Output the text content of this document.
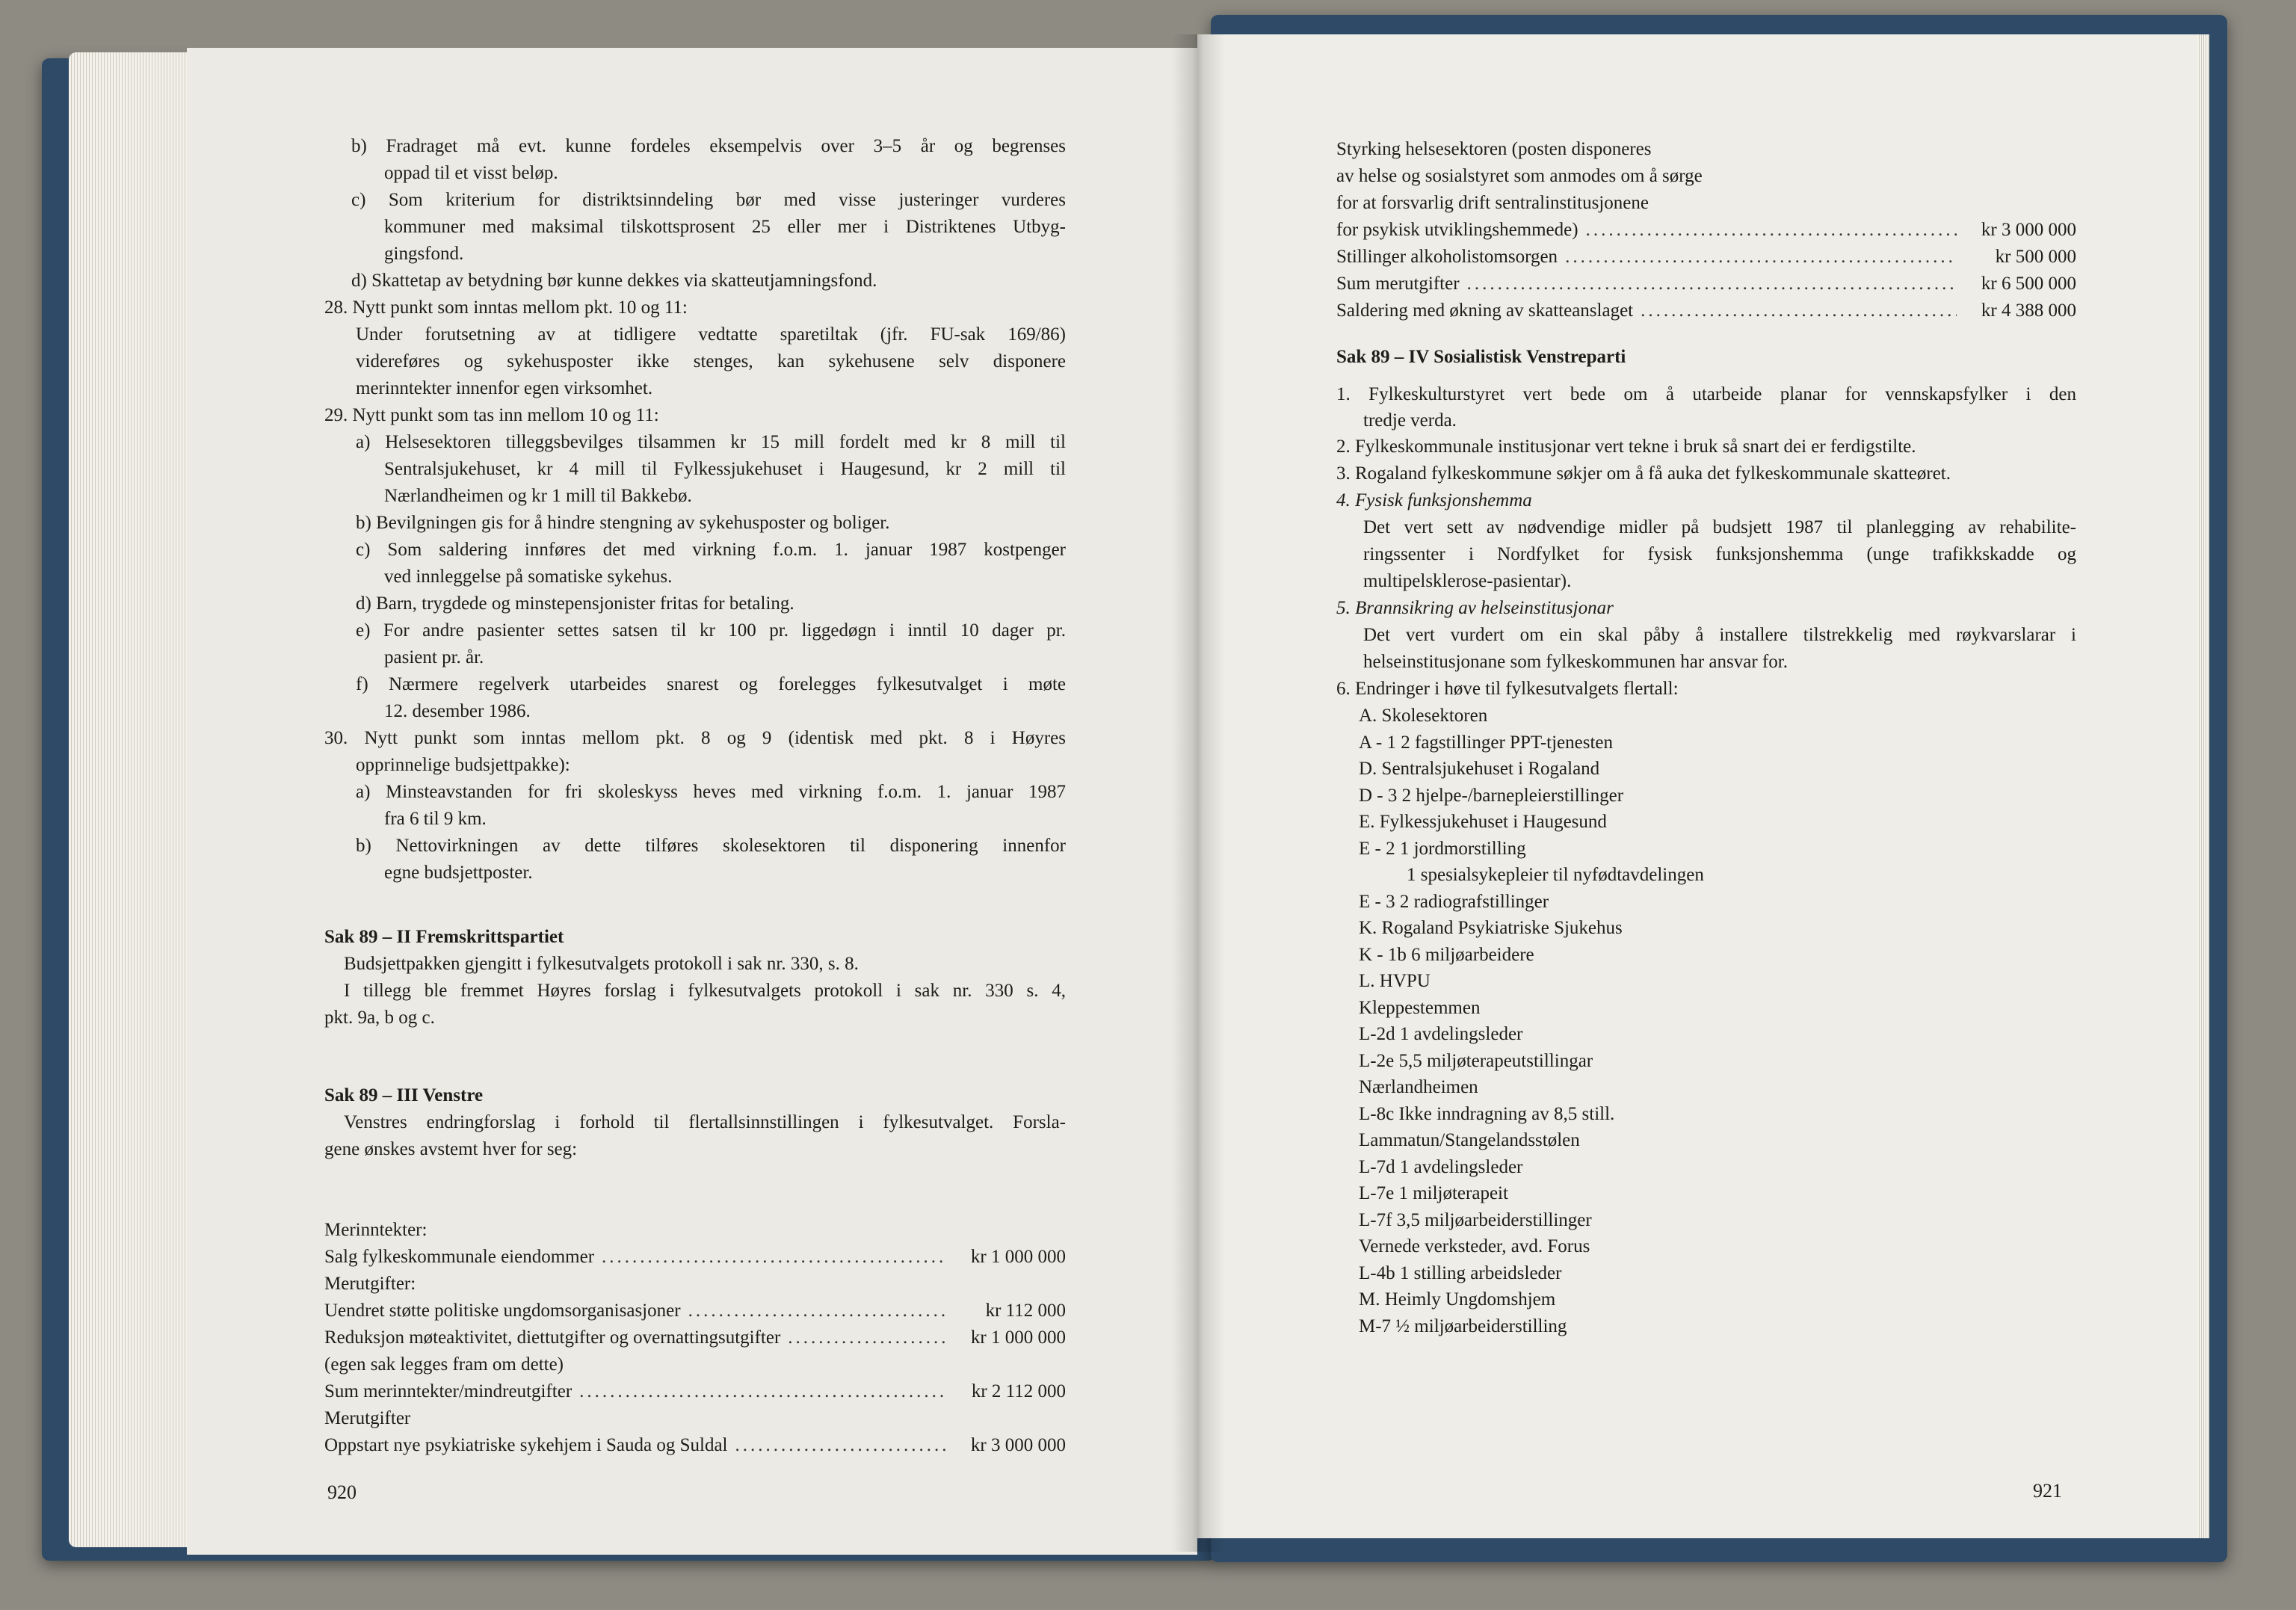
b) Fradraget må evt. kunne fordeles eksempelvis over 3–5 år og begrenses
oppad til et visst beløp.
c) Som kriterium for distriktsinndeling bør med visse justeringer vurderes
kommuner med maksimal tilskottsprosent 25 eller mer i Distriktenes Utbyg-
gingsfond.
d) Skattetap av betydning bør kunne dekkes via skatteutjamningsfond.
28. Nytt punkt som inntas mellom pkt. 10 og 11:
Under forutsetning av at tidligere vedtatte sparetiltak (jfr. FU-sak 169/86)
videreføres og sykehusposter ikke stenges, kan sykehusene selv disponere
merinntekter innenfor egen virksomhet.
29. Nytt punkt som tas inn mellom 10 og 11:
a) Helsesektoren tilleggsbevilges tilsammen kr 15 mill fordelt med kr 8 mill til
Sentralsjukehuset, kr 4 mill til Fylkessjukehuset i Haugesund, kr 2 mill til
Nærlandheimen og kr 1 mill til Bakkebø.
b) Bevilgningen gis for å hindre stengning av sykehusposter og boliger.
c) Som saldering innføres det med virkning f.o.m. 1. januar 1987 kostpenger
ved innleggelse på somatiske sykehus.
d) Barn, trygdede og minstepensjonister fritas for betaling.
e) For andre pasienter settes satsen til kr 100 pr. liggedøgn i inntil 10 dager pr.
pasient pr. år.
f) Nærmere regelverk utarbeides snarest og forelegges fylkesutvalget i møte
12. desember 1986.
30. Nytt punkt som inntas mellom pkt. 8 og 9 (identisk med pkt. 8 i Høyres
opprinnelige budsjettpakke):
a) Minsteavstanden for fri skoleskyss heves med virkning f.o.m. 1. januar 1987
fra 6 til 9 km.
b) Nettovirkningen av dette tilføres skolesektoren til disponering innenfor
egne budsjettposter.
Sak 89 – II Fremskrittspartiet
Budsjettpakken gjengitt i fylkesutvalgets protokoll i sak nr. 330, s. 8.
I tillegg ble fremmet Høyres forslag i fylkesutvalgets protokoll i sak nr. 330 s. 4,
pkt. 9a, b og c.
Sak 89 – III Venstre
Venstres endringforslag i forhold til flertallsinnstillingen i fylkesutvalget. Forsla-
gene ønskes avstemt hver for seg:
Merinntekter:
Salg fylkeskommunale eiendommer .....	kr 1 000 000
Merutgifter:
Uendret støtte politiske ungdomsorganisasjoner .....	kr 112 000
Reduksjon møteaktivitet, diettutgifter og overnattingsutgifter .....	kr 1 000 000
(egen sak legges fram om dette)
Sum merinntekter/mindreutgifter .....	kr 2 112 000
Merutgifter
Oppstart nye psykiatriske sykehjem i Sauda og Suldal .....	kr 3 000 000
920
Styrking helsesektoren (posten disponeres
av helse og sosialstyret som anmodes om å sørge
for at forsvarlig drift sentralinstitusjonene
for psykisk utviklingshemmede) .....	kr 3 000 000
Stillinger alkoholistomsorgen .....	kr 500 000
Sum merutgifter .....	kr 6 500 000
Saldering med økning av skatteanslaget .....	kr 4 388 000
Sak 89 – IV Sosialistisk Venstreparti
1. Fylkeskulturstyret vert bede om å utarbeide planar for vennskapsfylker i den
tredje verda.
2. Fylkeskommunale institusjonar vert tekne i bruk så snart dei er ferdigstilte.
3. Rogaland fylkeskommune søkjer om å få auka det fylkeskommunale skatteøret.
4. Fysisk funksjonshemma
Det vert sett av nødvendige midler på budsjett 1987 til planlegging av rehabilite-
ringssenter i Nordfylket for fysisk funksjonshemma (unge trafikkskadde og
multipelsklerose-pasientar).
5. Brannsikring av helseinstitusjonar
Det vert vurdert om ein skal påby å installere tilstrekkelig med røykvarslarar i
helseinstitusjonane som fylkeskommunen har ansvar for.
6. Endringer i høve til fylkesutvalgets flertall:
A. Skolesektoren
A - 1 2 fagstillinger PPT-tjenesten
D. Sentralsjukehuset i Rogaland
D - 3 2 hjelpe-/barnepleierstillinger
E. Fylkessjukehuset i Haugesund
E - 2 1 jordmorstilling
1 spesialsykepleier til nyfødtavdelingen
E - 3 2 radiografstillinger
K. Rogaland Psykiatriske Sjukehus
K - 1b 6 miljøarbeidere
L. HVPU
Kleppestemmen
L-2d 1 avdelingsleder
L-2e 5,5 miljøterapeutstillingar
Nærlandheimen
L-8c Ikke inndragning av 8,5 still.
Lammatun/Stangelandsstølen
L-7d 1 avdelingsleder
L-7e 1 miljøterapeit
L-7f 3,5 miljøarbeiderstillinger
Vernede verksteder, avd. Forus
L-4b 1 stilling arbeidsleder
M. Heimly Ungdomshjem
M-7 ½ miljøarbeiderstilling
921
